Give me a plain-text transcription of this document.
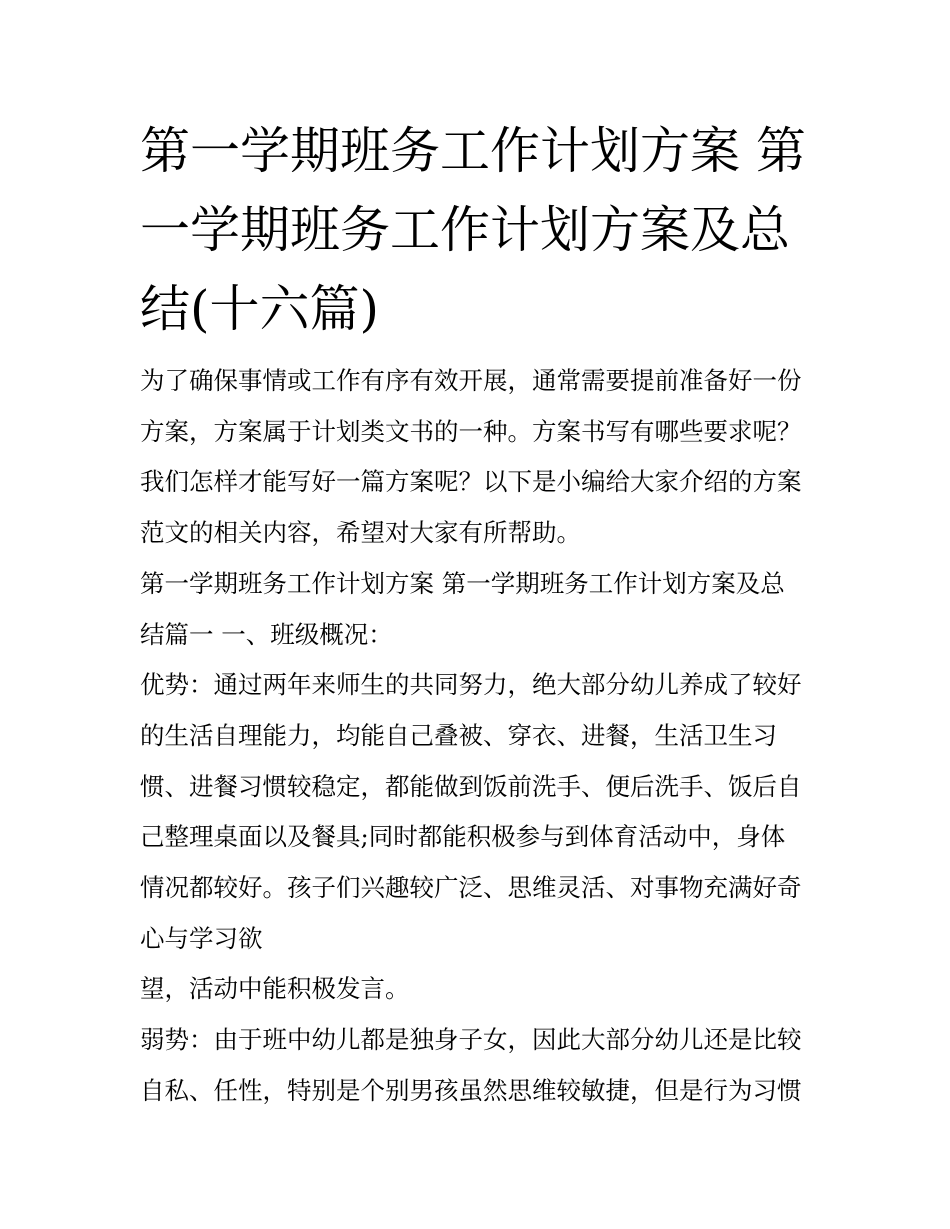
第一学期班务工作计划方案 第
一学期班务工作计划方案及总
结(十六篇)
为了确保事情或工作有序有效开展，通常需要提前准备好一份
方案，方案属于计划类文书的一种。方案书写有哪些要求呢？
我们怎样才能写好一篇方案呢？以下是小编给大家介绍的方案
范文的相关内容，希望对大家有所帮助。
第一学期班务工作计划方案 第一学期班务工作计划方案及总
结篇一 一、班级概况：
优势：通过两年来师生的共同努力，绝大部分幼儿养成了较好
的生活自理能力，均能自己叠被、穿衣、进餐，生活卫生习
惯、进餐习惯较稳定，都能做到饭前洗手、便后洗手、饭后自
己整理桌面以及餐具;同时都能积极参与到体育活动中，身体
情况都较好。孩子们兴趣较广泛、思维灵活、对事物充满好奇
心与学习欲
望，活动中能积极发言。
弱势：由于班中幼儿都是独身子女，因此大部分幼儿还是比较
自私、任性，特别是个别男孩虽然思维较敏捷，但是行为习惯
